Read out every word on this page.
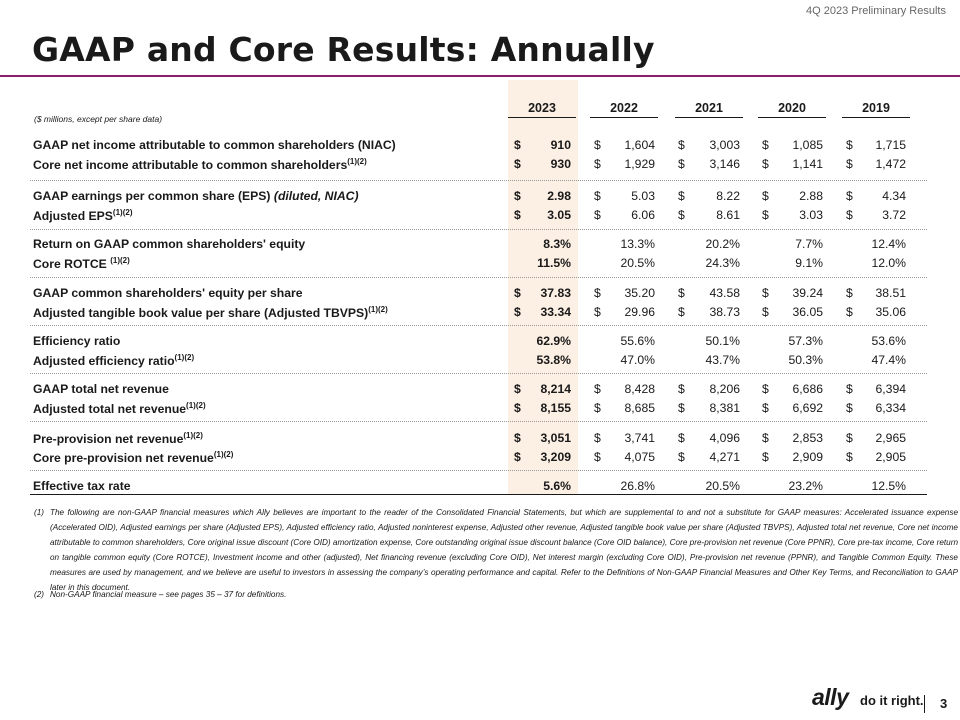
4Q 2023 Preliminary Results
GAAP and Core Results: Annually
2023	2022	2021	2020	2019
($ millions, except per share data)
GAAP net income attributable to common shareholders (NIAC)	$ 910 $ 1,604 $ 3,003 $ 1,085 $ 1,715
Core net income attributable to common shareholders$^{(1)(2)}$	$ 930 $ 1,929 $ 3,146 $ 1,141 $ 1,472
GAAP earnings per common share (EPS) (diluted, NIAC)	$ 2.98 $ 5.03 $	8.22 $ 2.88 $ 4.34
Adjusted $EPS^{(1)(2)}$	$ 3.05 $ 6.06 $	8.61 $ 3.03 $ 3.72
Return on GAAP common shareholders' equity	8.3%	13.3%	20.2%	7.7%	12.4%
Core ROTCE $^{(1)(2)}$	11.5%	20.5%	24.3%	9.1%	12.0%
GAAP common shareholders' equity per share	$ 37.83 $ 35.20 $ 43.58 $ 39.24 $ 38.51
Adjusted tangible book value per share (Adjusted TBVPS)$^{(1)(2)}$	$ 33.34 $ 29.96 $ 38.73 $ 36.05 $ 35.06
Efficiency ratio	62.9%	55.6%	50.1%	57.3%	53.6%
Adjusted efficiency ratio$^{(1)(2)}$	53.8%	47.0%	43.7%	50.3%	47.4%
GAAP total net revenue	$ 8,214 $ 8,428 $ 8,206 $ 6,686 $ 6,394
Adjusted total net revenue$^{(1)(2)}$	$ 8,155 $ 8,685 $ 8,381 $ 6,692 $ 6,334
Pre-provision net revenue$^{(1)(2)}$	$ 3,051 $ 3,741 $ 4,096 $ 2,853 $ 2,965
Core pre-provision net revenue$^{(1)(2)}$	$ 3,209 $ 4,075 $ 4,271 $ 2,909 $ 2,905
Effective tax rate	5.6%	26.8%	20.5%	23.2%	12.5%
(1) The following are non-GAAP financial measures which Ally believes are important to the reader of the Consolidated Financial Statements, but which are supplemental to and not a substitute for GAAP measures: Accelerated issuance expense (Accelerated OID), Adjusted earnings per share (Adjusted EPS), Adjusted efficiency ratio, Adjusted noninterest expense, Adjusted other revenue, Adjusted tangible book value per share (Adjusted TBVPS), Adjusted total net revenue, Core net income attributable to common shareholders, Core original issue discount (Core OID) amortization expense, Core outstanding original issue discount balance (Core OID balance), Core pre-provision net revenue (Core PPNR), Core pre-tax income, Core return on tangible common equity (Core ROTCE), Investment income and other (adjusted), Net financing revenue (excluding Core OID), Net interest margin (excluding Core OID), Pre-provision net revenue (PPNR), and Tangible Common Equity. These measures are used by management, and we believe are useful to investors in assessing the company’s operating performance and capital. Refer to the Definitions of Non-GAAP Financial Measures and Other Key Terms, and Reconciliation to GAAP later in this document.
(2) Non-GAAP financial measure – see pages 35 – 37 for definitions.
ally do it right. 3
